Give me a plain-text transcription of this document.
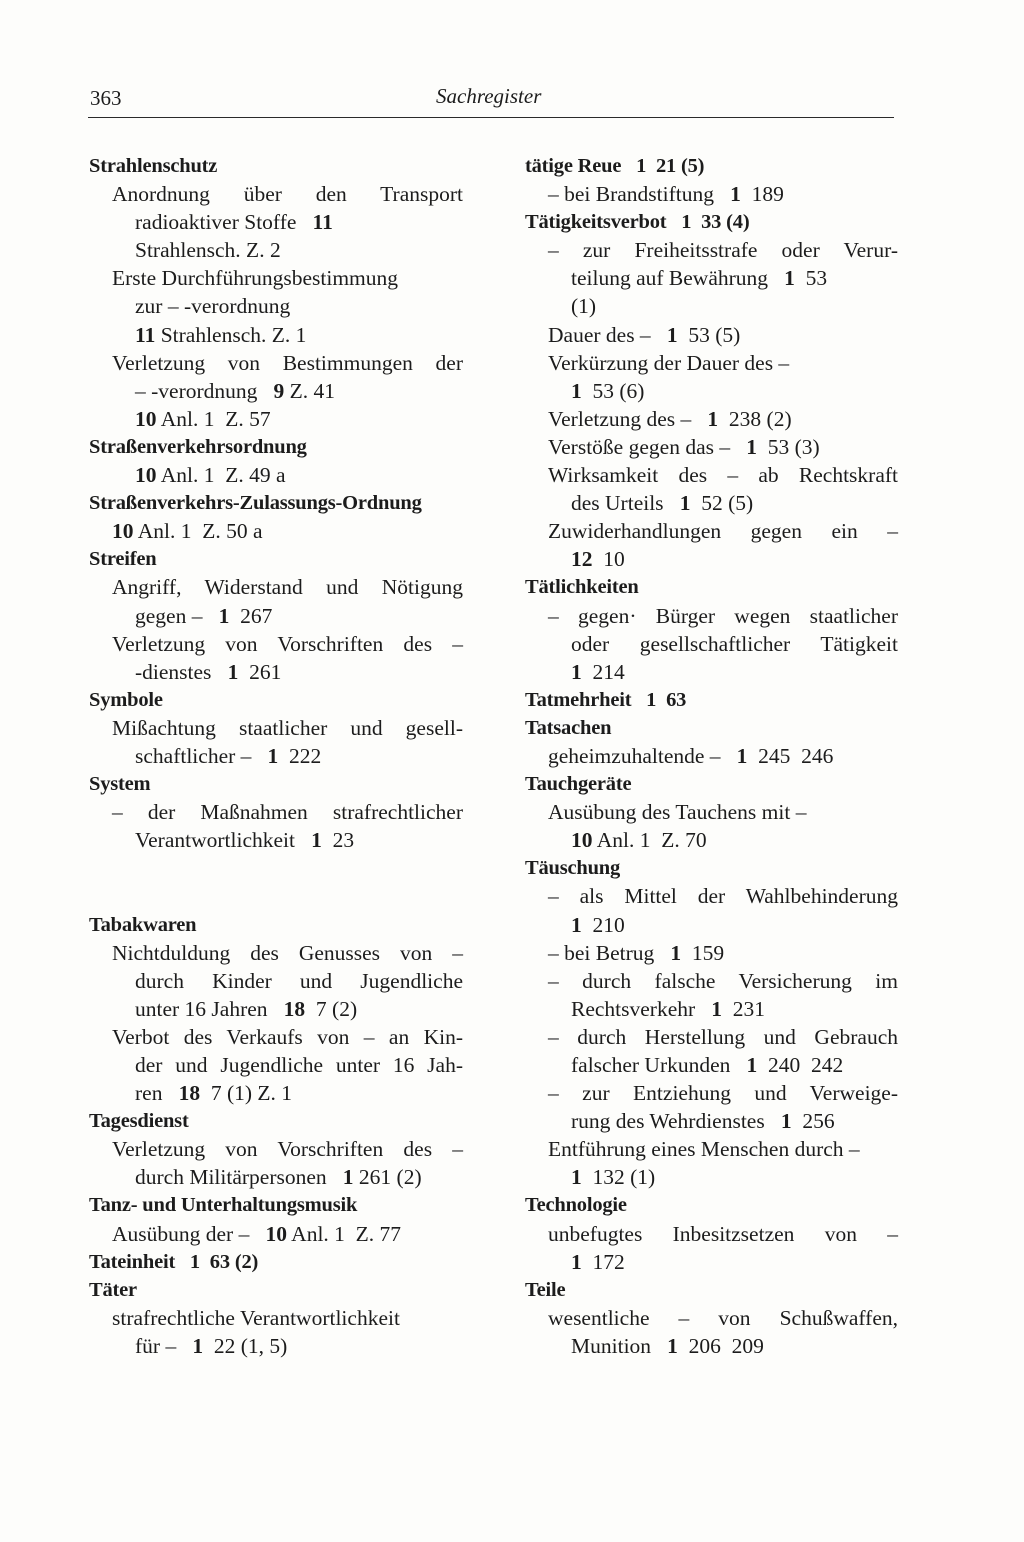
363	Sachregister
Strahlenschutz
Anordnung über den Transport
radioaktiver Stoffe   11
Strahlensch. Z. 2
Erste Durchführungsbestimmung
zur – -verordnung
11 Strahlensch. Z. 1
Verletzung von Bestimmungen der
– -verordnung   9 Z. 41
10 Anl. 1  Z. 57
Straßenverkehrsordnung
10 Anl. 1  Z. 49 a
Straßenverkehrs-Zulassungs-Ordnung
10 Anl. 1  Z. 50 a
Streifen
Angriff, Widerstand und Nötigung
gegen –   1  267
Verletzung von Vorschriften des –
-dienstes   1  261
Symbole
Mißachtung staatlicher und gesell-
schaftlicher –   1  222
System
– der Maßnahmen strafrechtlicher
Verantwortlichkeit   1  23
Tabakwaren
Nichtduldung des Genusses von –
durch Kinder und Jugendliche
unter 16 Jahren   18  7 (2)
Verbot des Verkaufs von – an Kin-
der und Jugendliche unter 16 Jah-
ren   18  7 (1) Z. 1
Tagesdienst
Verletzung von Vorschriften des –
durch Militärpersonen   1 261 (2)
Tanz- und Unterhaltungsmusik
Ausübung der –   10 Anl. 1  Z. 77
Tateinheit 1  63 (2)
Täter
strafrechtliche Verantwortlichkeit
für –   1  22 (1, 5)
tätige Reue 1  21 (5)
– bei Brandstiftung   1  189
Tätigkeitsverbot 1  33 (4)
– zur Freiheitsstrafe oder Verur-
teilung auf Bewährung   1  53
(1)
Dauer des –   1  53 (5)
Verkürzung der Dauer des –
1  53 (6)
Verletzung des –   1  238 (2)
Verstöße gegen das –   1  53 (3)
Wirksamkeit des – ab Rechtskraft
des Urteils   1  52 (5)
Zuwiderhandlungen gegen ein –
12  10
Tätlichkeiten
– gegen· Bürger wegen staatlicher
oder gesellschaftlicher Tätigkeit
1  214
Tatmehrheit 1  63
Tatsachen
geheimzuhaltende –   1  245  246
Tauchgeräte
Ausübung des Tauchens mit –
10 Anl. 1  Z. 70
Täuschung
– als Mittel der Wahlbehinderung
1  210
– bei Betrug   1  159
– durch falsche Versicherung im
Rechtsverkehr   1  231
– durch Herstellung und Gebrauch
falscher Urkunden   1  240  242
– zur Entziehung und Verweige-
rung des Wehrdienstes   1  256
Entführung eines Menschen durch –
1  132 (1)
Technologie
unbefugtes Inbesitzsetzen von –
1  172
Teile
wesentliche – von Schußwaffen,
Munition   1  206  209
